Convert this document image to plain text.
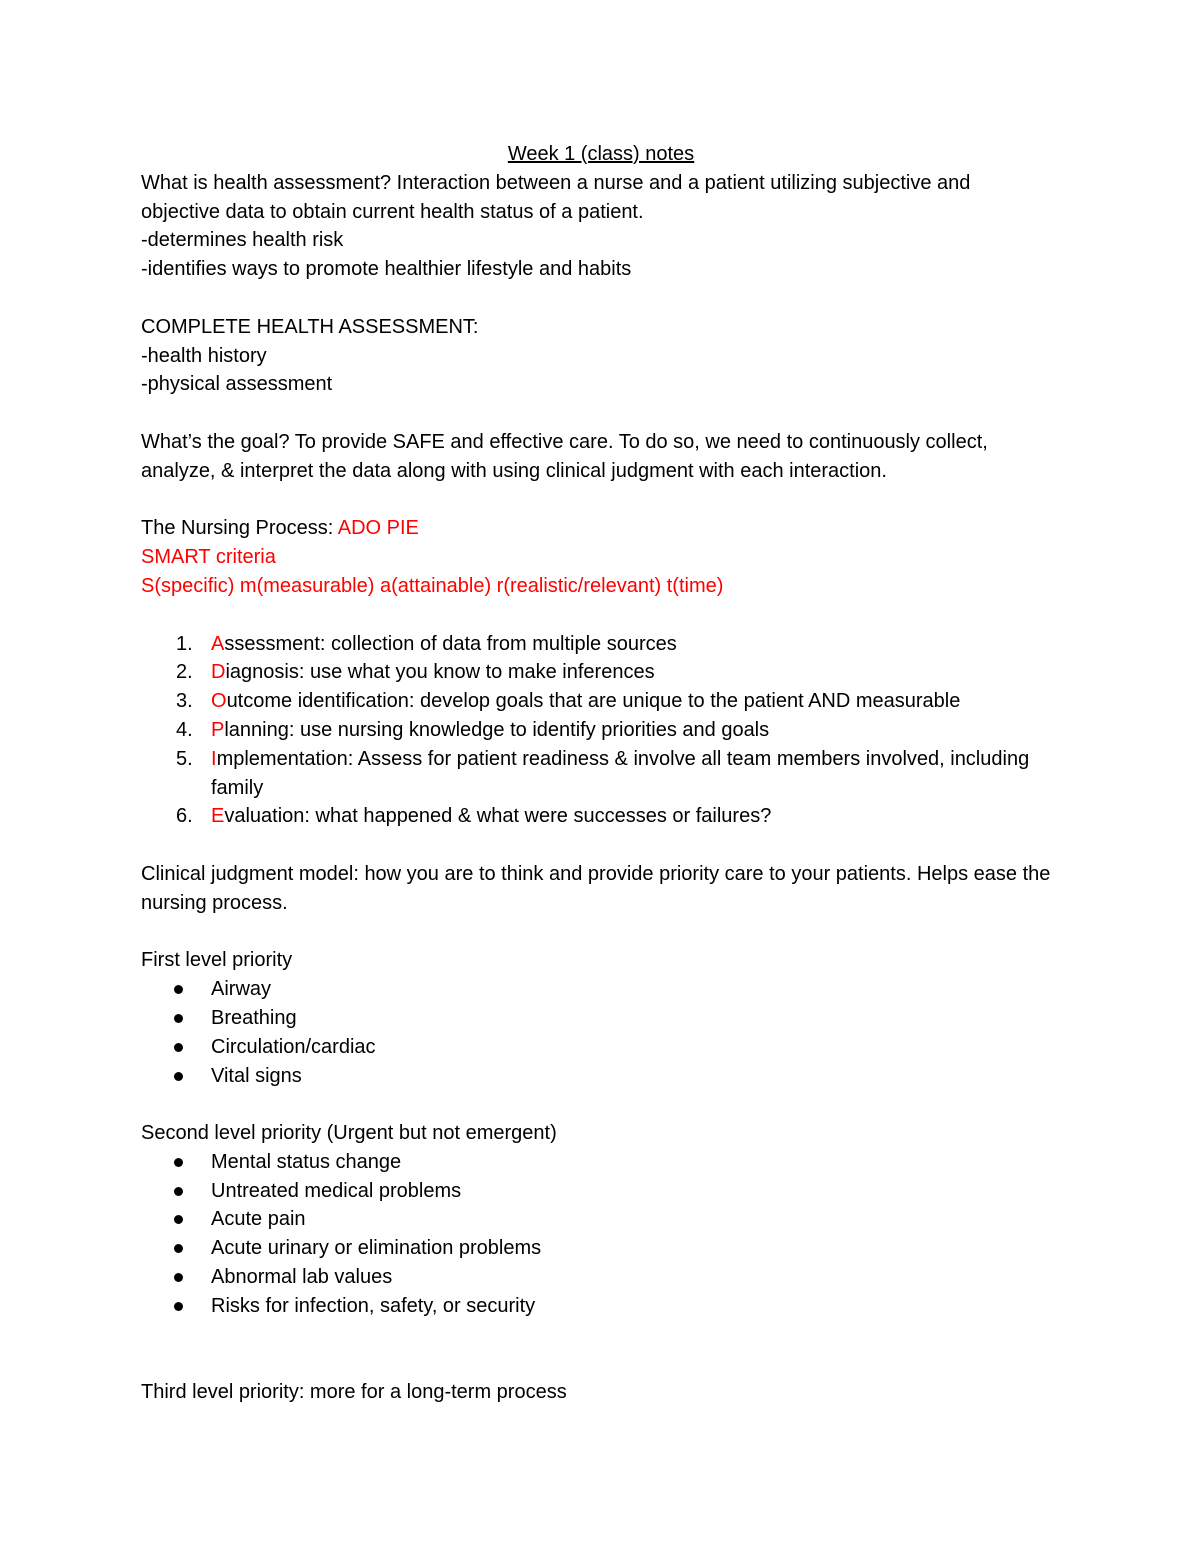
Week 1 (class) notes
What is health assessment? Interaction between a nurse and a patient utilizing subjective and objective data to obtain current health status of a patient.
-determines health risk
-identifies ways to promote healthier lifestyle and habits
COMPLETE HEALTH ASSESSMENT:
-health history
-physical assessment
What’s the goal? To provide SAFE and effective care. To do so, we need to continuously collect, analyze, & interpret the data along with using clinical judgment with each interaction.
The Nursing Process: ADO PIE
SMART criteria
S(specific) m(measurable) a(attainable) r(realistic/relevant) t(time)
1. Assessment: collection of data from multiple sources
2. Diagnosis: use what you know to make inferences
3. Outcome identification: develop goals that are unique to the patient AND measurable
4. Planning: use nursing knowledge to identify priorities and goals
5. Implementation: Assess for patient readiness & involve all team members involved, including family
6. Evaluation: what happened & what were successes or failures?
Clinical judgment model: how you are to think and provide priority care to your patients. Helps ease the nursing process.
First level priority
Airway
Breathing
Circulation/cardiac
Vital signs
Second level priority (Urgent but not emergent)
Mental status change
Untreated medical problems
Acute pain
Acute urinary or elimination problems
Abnormal lab values
Risks for infection, safety, or security
Third level priority: more for a long-term process
